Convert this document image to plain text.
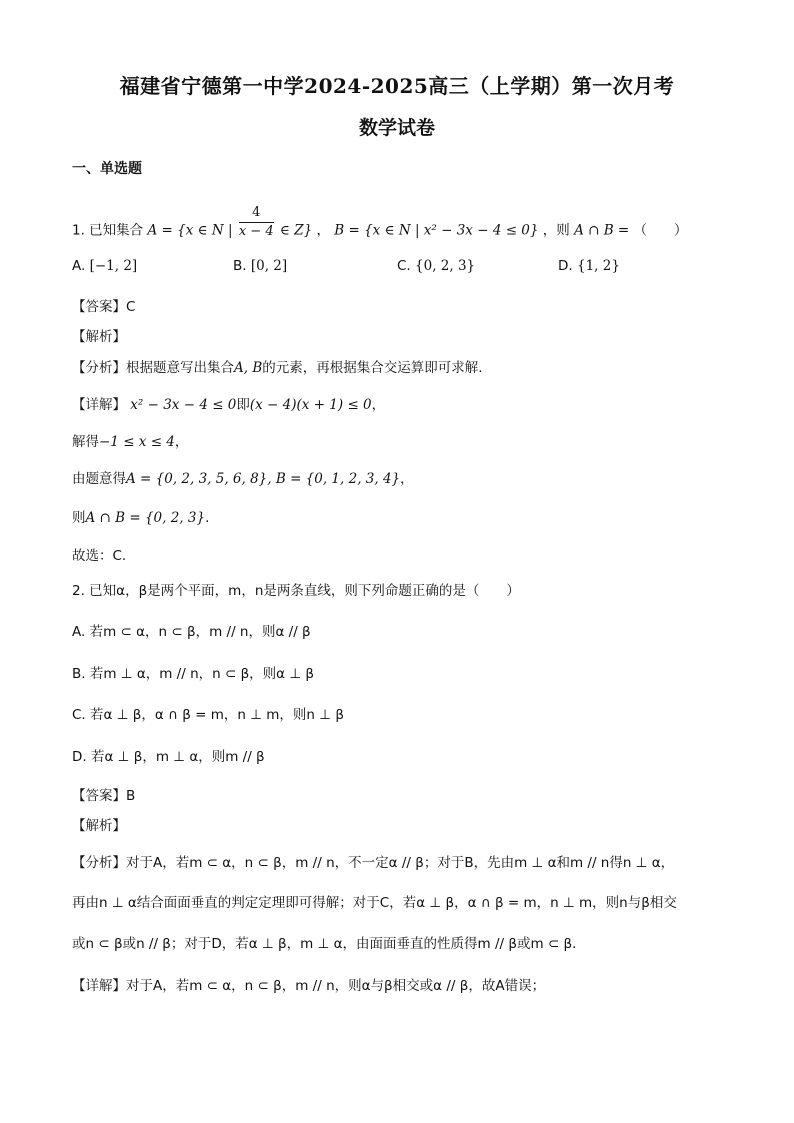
福建省宁德第一中学2024-2025高三（上学期）第一次月考
数学试卷
一、单选题
1. 已知集合 A = {x ∈ N | $\frac{4}{x - 4}$ ∈ Z} ， B = {x ∈ N | x² − 3x − 4 ≤ 0} ，则 A ∩ B = （　　）
A. [−1, 2]	B. [0, 2]	C. {0, 2, 3}	D. {1, 2}
【答案】C
【解析】
【分析】根据题意写出集合A, B的元素，再根据集合交运算即可求解.
【详解】 x² − 3x − 4 ≤ 0即(x − 4)(x + 1) ≤ 0，
解得−1 ≤ x ≤ 4，
由题意得A = {0, 2, 3, 5, 6, 8}, B = {0, 1, 2, 3, 4}，
则A ∩ B = {0, 2, 3}.
故选：C.
2. 已知α，β是两个平面，m，n是两条直线，则下列命题正确的是（　　）
A. 若m ⊂ α，n ⊂ β，m // n，则α // β
B. 若m ⊥ α，m // n，n ⊂ β，则α ⊥ β
C. 若α ⊥ β，α ∩ β = m，n ⊥ m，则n ⊥ β
D. 若α ⊥ β，m ⊥ α，则m // β
【答案】B
【解析】
【分析】对于A，若m ⊂ α，n ⊂ β，m // n，不一定α // β；对于B，先由m ⊥ α和m // n得n ⊥ α，
再由n ⊥ α结合面面垂直的判定定理即可得解；对于C，若α ⊥ β，α ∩ β = m，n ⊥ m，则n与β相交
或n ⊂ β或n // β；对于D，若α ⊥ β，m ⊥ α，由面面垂直的性质得m // β或m ⊂ β.
【详解】对于A，若m ⊂ α，n ⊂ β，m // n，则α与β相交或α // β，故A错误；
